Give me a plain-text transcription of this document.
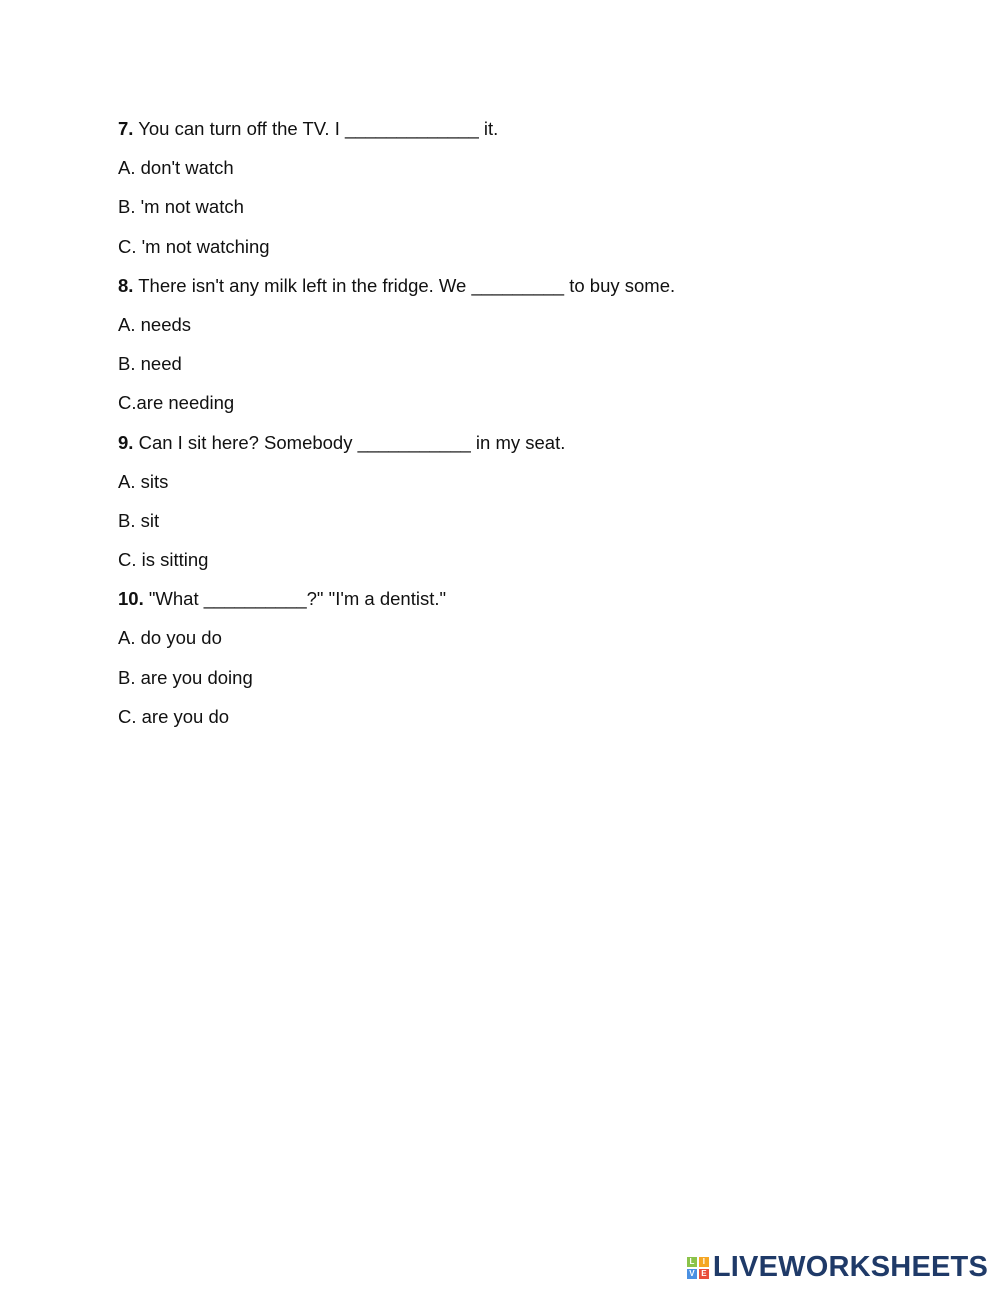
7. You can turn off the TV. I _____________ it.
A. don't watch
B. 'm not watch
C. 'm not watching
8. There isn't any milk left in the fridge. We _________ to buy some.
A. needs
B. need
C.are needing
9. Can I sit here? Somebody ___________ in my seat.
A. sits
B. sit
C. is sitting
10. "What __________?" "I'm a dentist."
A. do you do
B. are you doing
C. are you do
L	I
V E LIVEWORKSHEETS
